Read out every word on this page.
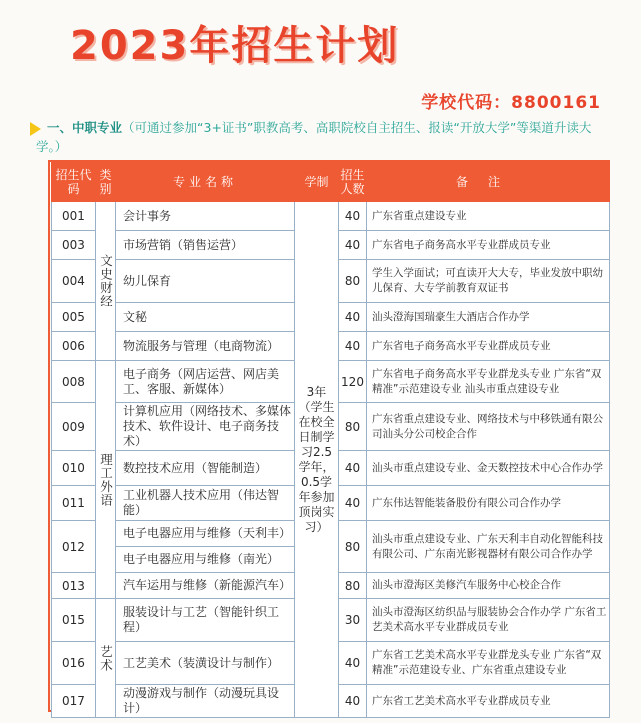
2023年招生计划
学校代码：8800161
一、中职专业（可通过参加“3+证书”职教高考、高职院校自主招生、报读“开放大学”等渠道升读大学。）
招生代码	类别	专业名称	学制	招生人数	备注
001	文史财经	会计事务	3年（学生在校全日制学习2.5学年，0.5学年参加顶岗实习）	40	广东省重点建设专业
003		市场营销（销售运营）		40	广东省电子商务高水平专业群成员专业
004		幼儿保育		80	学生入学面试；可直读开大大专，毕业发放中职幼儿保育、大专学前教育双证书
005		文秘		40	汕头澄海国瑞豪生大酒店合作办学
006		物流服务与管理（电商物流）		40	广东省电子商务高水平专业群成员专业
008	理工外语	电子商务（网店运营、网店美工、客服、新媒体）		120	广东省电子商务高水平专业群龙头专业 广东省“双精准”示范建设专业 汕头市重点建设专业
009		计算机应用（网络技术、多媒体技术、软件设计、电子商务技术）		80	广东省重点建设专业、网络技术与中移铁通有限公司汕头分公司校企合作
010		数控技术应用（智能制造）		40	汕头市重点建设专业、金天数控技术中心合作办学
011		工业机器人技术应用（伟达智能）		40	广东伟达智能装备股份有限公司合作办学
012		电子电器应用与维修（天利丰）		80	汕头市重点建设专业、广东天利丰自动化智能科技有限公司、广东南光影视器材有限公司合作办学
		电子电器应用与维修（南光）			
013		汽车运用与维修（新能源汽车）		80	汕头市澄海区美修汽车服务中心校企合作
015	艺术	服装设计与工艺（智能针织工程）		30	汕头市澄海区纺织品与服装协会合作办学 广东省工艺美术高水平专业群成员专业
016		工艺美术（装潢设计与制作）		40	广东省工艺美术高水平专业群龙头专业 广东省“双精准”示范建设专业、广东省重点建设专业
017		动漫游戏与制作（动漫玩具设计）		40	广东省工艺美术高水平专业群成员专业
